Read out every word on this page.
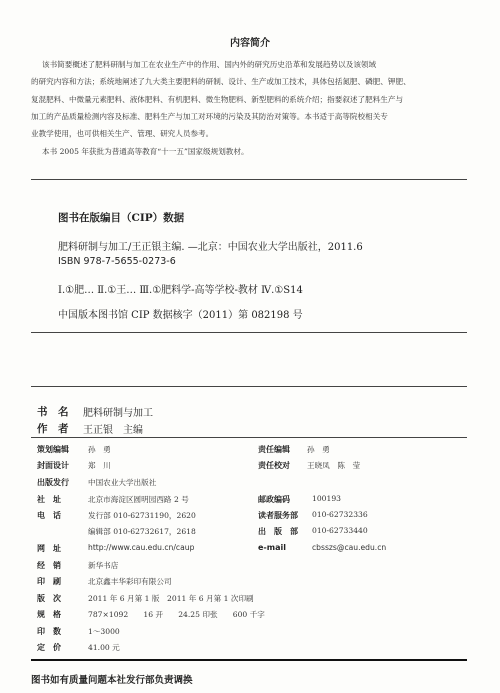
内容简介
该书简要概述了肥料研制与加工在农业生产中的作用、国内外的研究历史沿革和发展趋势以及该领域
的研究内容和方法；系统地阐述了九大类主要肥料的研制、设计、生产或加工技术，具体包括氮肥、磷肥、钾肥、
复混肥料、中微量元素肥料、液体肥料、有机肥料、微生物肥料、新型肥料的系统介绍；指要叙述了肥料生产与
加工的产品质量检测内容及标准、肥料生产与加工对环境的污染及其防治对策等。本书适于高等院校相关专
业教学使用，也可供相关生产、管理、研究人员参考。
本书 2005 年获批为普通高等教育“十一五”国家级规划教材。
图书在版编目（CIP）数据
肥料研制与加工/王正银主编. —北京：中国农业大学出版社，2011.6
ISBN 978-7-5655-0273-6
Ⅰ.①肥… Ⅱ.①王… Ⅲ.①肥料学-高等学校-教材 Ⅳ.①S14
中国版本图书馆 CIP 数据核字（2011）第 082198 号
书　名 肥料研制与加工
作　者 王正银　主编
策划编辑	孙　勇	责任编辑 孙　勇
封面设计	郑　川	责任校对 王晓凤　陈　莹
出版发行	中国农业大学出版社
社　址	北京市海淀区圆明园西路 2 号	邮政编码	100193
电　话	发行部 010-62731190，2620	读者服务部 010-62732336
编辑部 010-62732617，2618	出　版　部 010-62733440
网　址	http://www.cau.edu.cn/caup	e-mail	cbsszs@cau.edu.cn
经　销	新华书店
印　刷	北京鑫丰华彩印有限公司
版　次	2011 年 6 月第 1 版　2011 年 6 月第 1 次印刷
规　格	787×1092　　16 开　　24.25 印张　　600 千字
印　数	1～3000
定　价	41.00 元
图书如有质量问题本社发行部负责调换
